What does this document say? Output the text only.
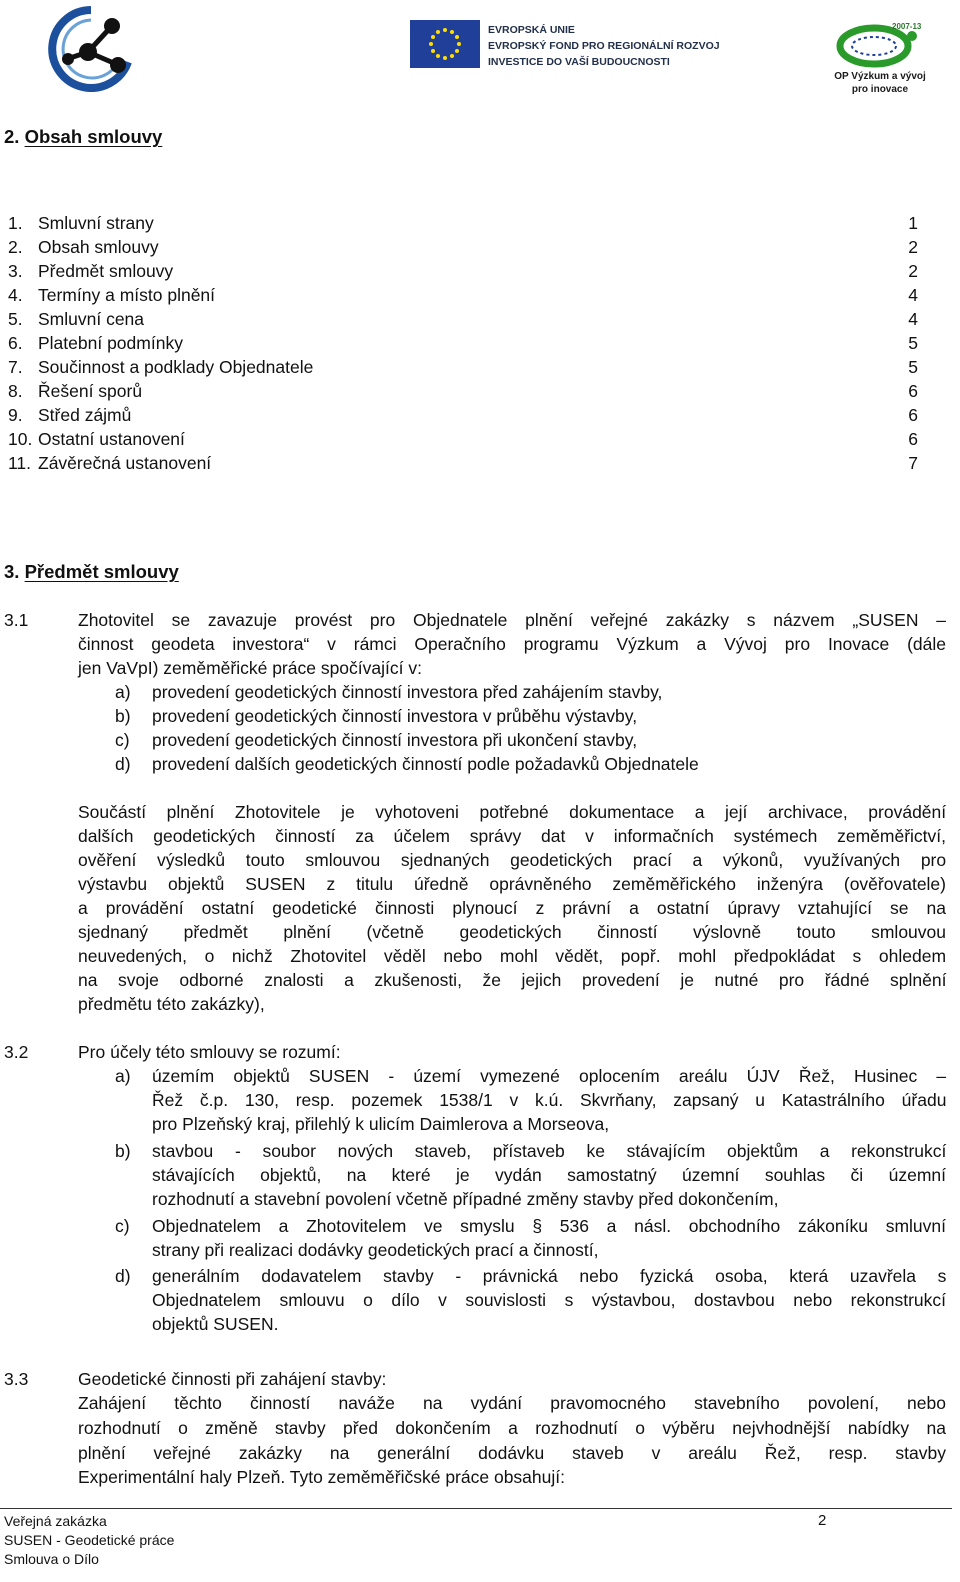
EVROPSKÁ UNIE
EVROPSKÝ FOND PRO REGIONÁLNÍ ROZVOJ
INVESTICE DO VAŠÍ BUDOUCNOSTI
2007-13
OP Výzkum a vývoj
pro inovace
2. Obsah smlouvy
1. Smluvní strany	1
2. Obsah smlouvy	2
3. Předmět smlouvy	2
4. Termíny a místo plnění	4
5. Smluvní cena	4
6. Platební podmínky	5
7. Součinnost a podklady Objednatele	5
8. Řešení sporů	6
9. Střed zájmů	6
10. Ostatní ustanovení	6
11. Závěrečná ustanovení	7
3. Předmět smlouvy
3.1	Zhotovitel se zavazuje provést pro Objednatele plnění veřejné zakázky s názvem „SUSEN –
činnost geodeta investora“ v rámci Operačního programu Výzkum a Vývoj pro Inovace (dále
jen VaVpI) zeměměřické práce spočívající v:
a) provedení geodetických činností investora před zahájením stavby,
b) provedení geodetických činností investora v průběhu výstavby,
c) provedení geodetických činností investora při ukončení stavby,
d) provedení dalších geodetických činností podle požadavků Objednatele
Součástí plnění Zhotovitele je vyhotoveni potřebné dokumentace a její archivace, provádění
dalších geodetických činností za účelem správy dat v informačních systémech zeměměřictví,
ověření výsledků touto smlouvou sjednaných geodetických prací a výkonů, využívaných pro
výstavbu objektů SUSEN z titulu úředně oprávněného zeměměřického inženýra (ověřovatele)
a provádění ostatní geodetické činnosti plynoucí z právní a ostatní úpravy vztahující se na
sjednaný předmět plnění (včetně geodetických činností výslovně touto smlouvou
neuvedených, o nichž Zhotovitel věděl nebo mohl vědět, popř. mohl předpokládat s ohledem
na svoje odborné znalosti a zkušenosti, že jejich provedení je nutné pro řádné splnění
předmětu této zakázky),
3.2	Pro účely této smlouvy se rozumí:
a) územím objektů SUSEN - území vymezené oplocením areálu ÚJV Řež, Husinec –
Řež č.p. 130, resp. pozemek 1538/1 v k.ú. Skvrňany, zapsaný u Katastrálního úřadu
pro Plzeňský kraj, přilehlý k ulicím Daimlerova a Morseova,
b) stavbou - soubor nových staveb, přístaveb ke stávajícím objektům a rekonstrukcí
stávajících objektů, na které je vydán samostatný územní souhlas či územní
rozhodnutí a stavební povolení včetně případné změny stavby před dokončením,
c) Objednatelem a Zhotovitelem ve smyslu § 536 a násl. obchodního zákoníku smluvní
strany při realizaci dodávky geodetických prací a činností,
d) generálním dodavatelem stavby - právnická nebo fyzická osoba, která uzavřela s
Objednatelem smlouvu o dílo v souvislosti s výstavbou, dostavbou nebo rekonstrukcí
objektů SUSEN.
3.3	Geodetické činnosti při zahájení stavby:
Zahájení těchto činností naváže na vydání pravomocného stavebního povolení, nebo
rozhodnutí o změně stavby před dokončením a rozhodnutí o výběru nejvhodnější nabídky na
plnění veřejné zakázky na generální dodávku staveb v areálu Řež, resp. stavby
Experimentální haly Plzeň. Tyto zeměměřičské práce obsahují:
Veřejná zakázka
SUSEN - Geodetické práce
Smlouva o Dílo
2
